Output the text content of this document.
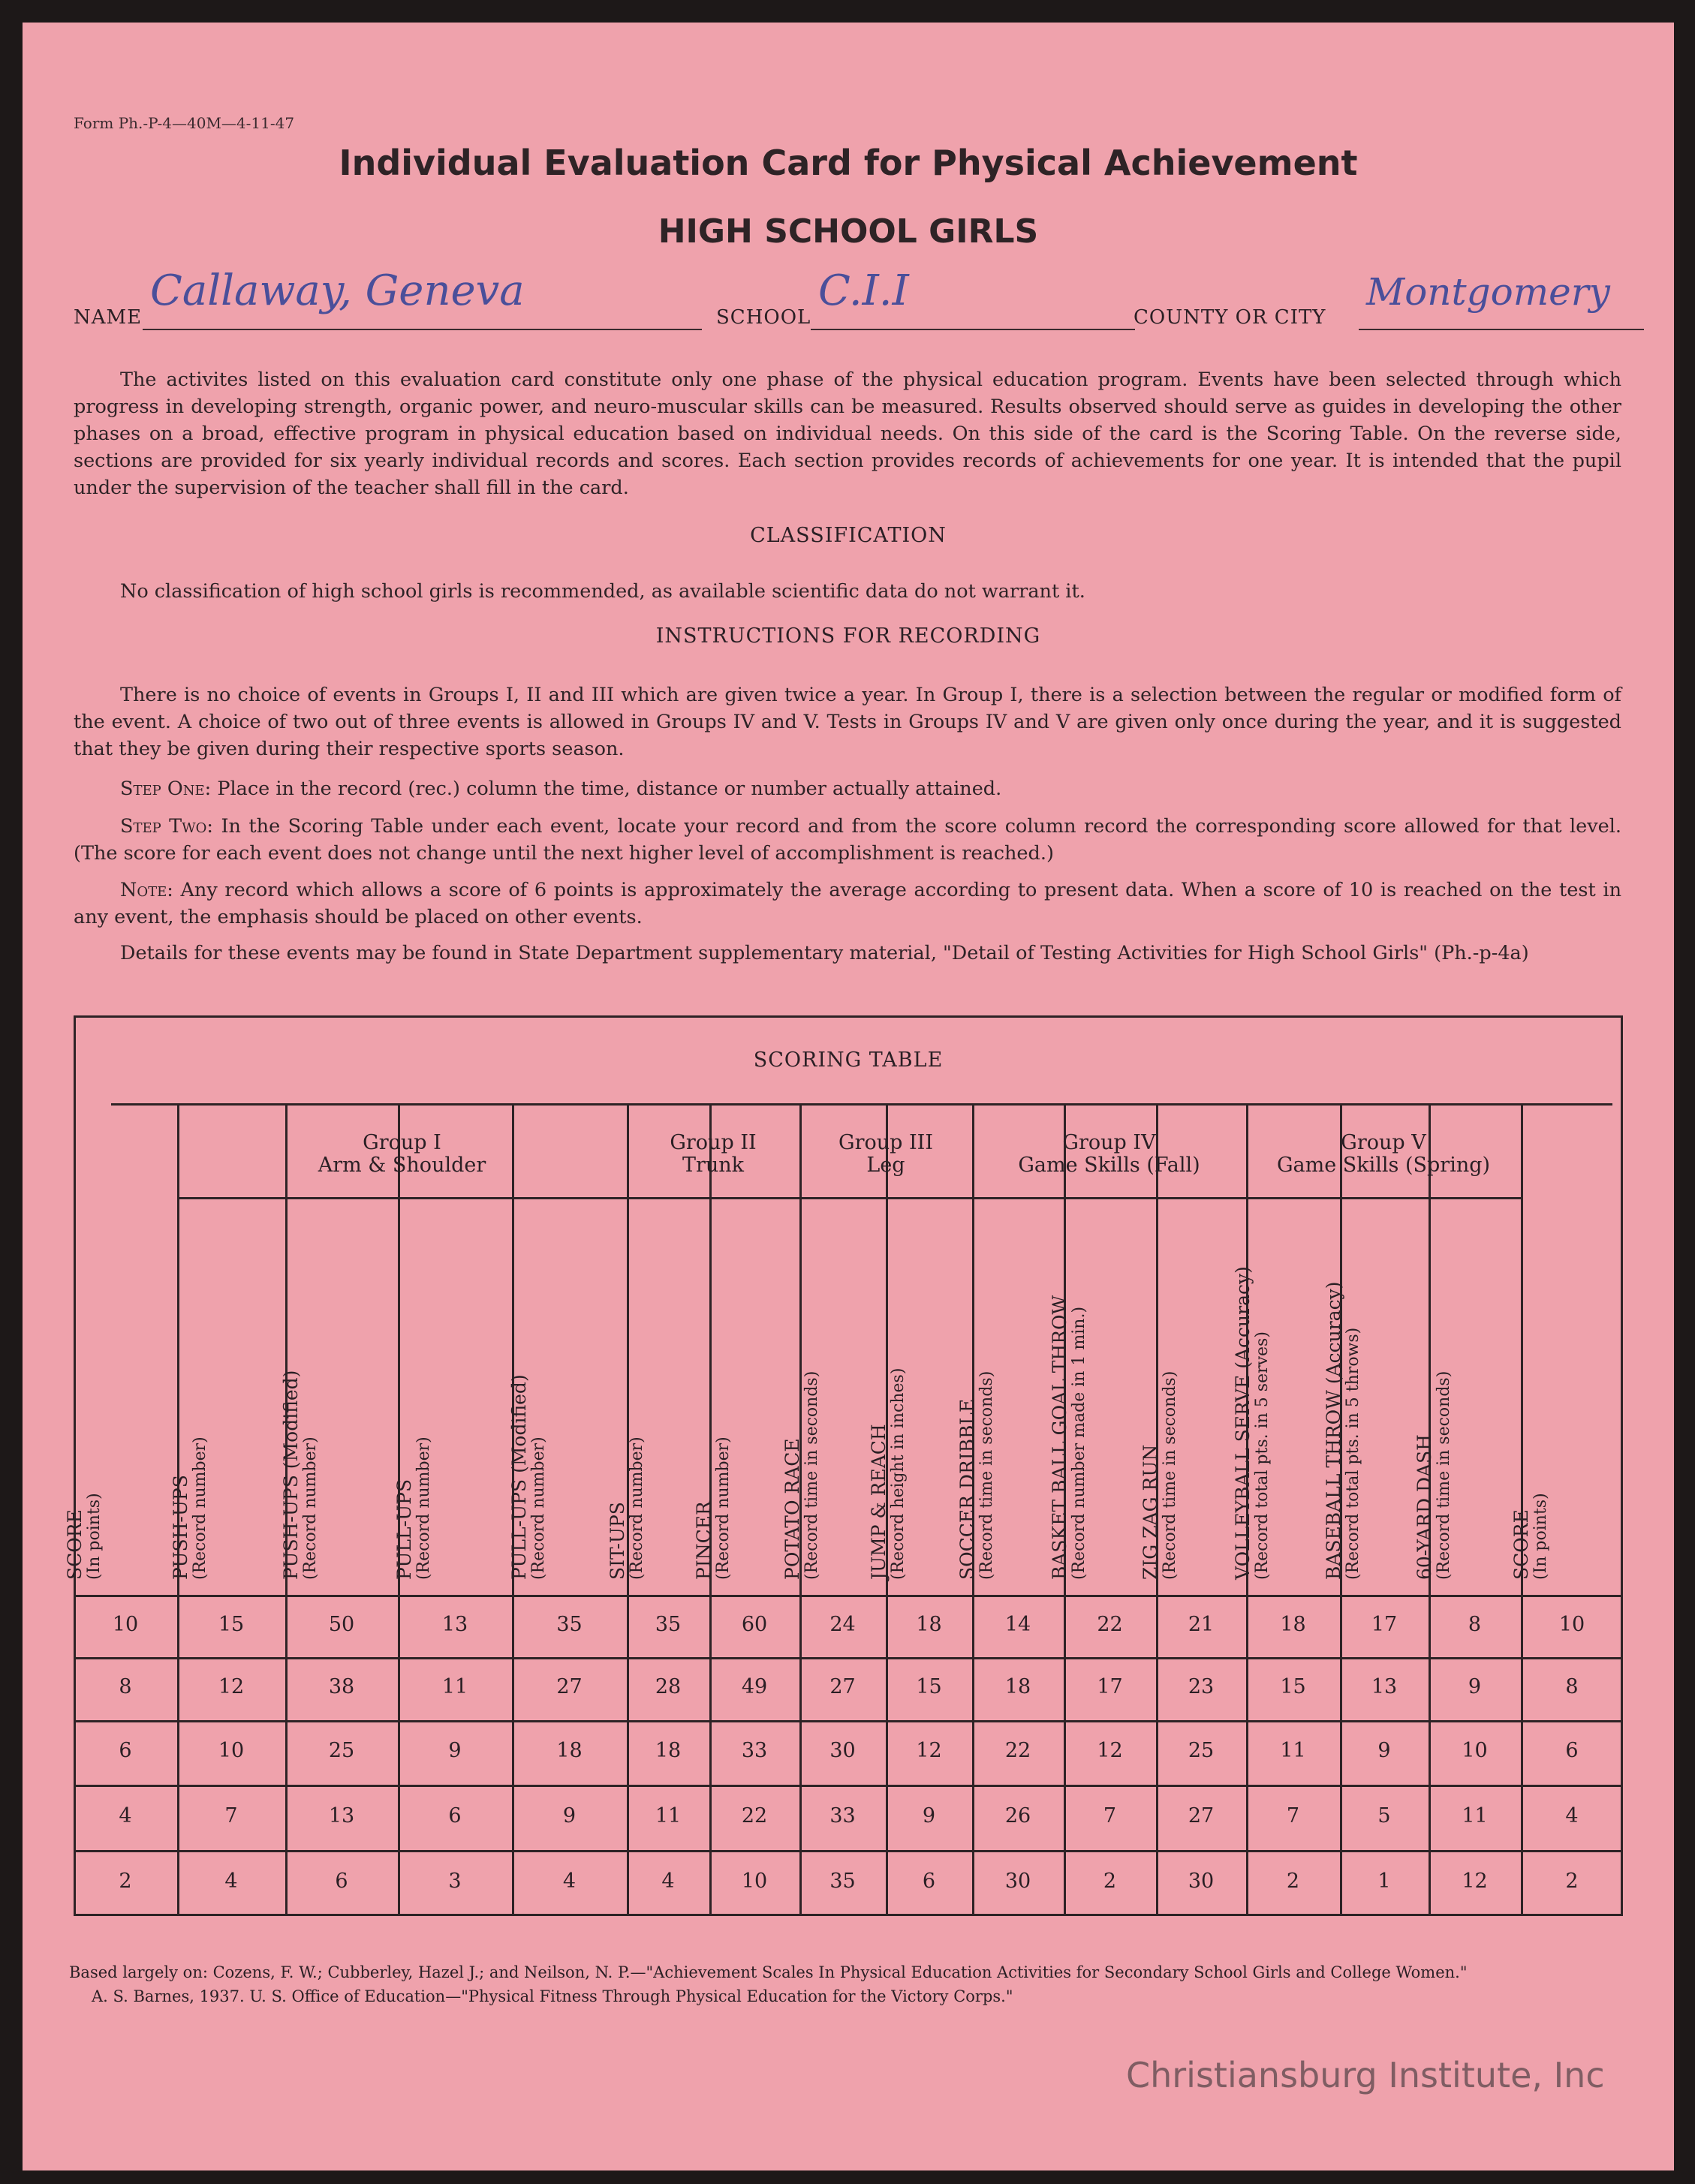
Form Ph.-P-4—40M—4-11-47
Individual Evaluation Card for Physical Achievement
HIGH SCHOOL GIRLS
NAME
Callaway, Geneva
SCHOOL
C.I.I
COUNTY OR CITY
Montgomery

The activites listed on this evaluation card constitute only one phase of the physical education program. Events have been selected through which progress in developing strength, organic power, and neuro-muscular skills can be measured. Results observed should serve as guides in developing the other phases on a broad, effective program in physical education based on individual needs. On this side of the card is the Scoring Table. On the reverse side, sections are provided for six yearly individual records and scores. Each section provides records of achievements for one year. It is intended that the pupil under the supervision of the teacher shall fill in the card.

CLASSIFICATION

No classification of high school girls is recommended, as available scientific data do not warrant it.

INSTRUCTIONS FOR RECORDING

There is no choice of events in Groups I, II and III which are given twice a year. In Group I, there is a selection between the regular or modified form of the event. A choice of two out of three events is allowed in Groups IV and V. Tests in Groups IV and V are given only once during the year, and it is suggested that they be given during their respective sports season.

Step One: Place in the record (rec.) column the time, distance or number actually attained.

Step Two: In the Scoring Table under each event, locate your record and from the score column record the corresponding score allowed for that level. (The score for each event does not change until the next higher level of accomplishment is reached.)

Note: Any record which allows a score of 6 points is approximately the average according to present data. When a score of 10 is reached on the test in any event, the emphasis should be placed on other events.

Details for these events may be found in State Department supplementary material, "Detail of Testing Activities for High School Girls" (Ph.-p-4a)

SCORING TABLE
Group I
Arm & Shoulder
Group II
Trunk
Group III
Leg
Group IV
Game Skills (Fall)
Group V
Game Skills (Spring)
SCORE (In points)	PUSH-UPS (Record number)	PUSH-UPS (Modified) (Record number)	PULL-UPS (Record number)	PULL-UPS (Modified) (Record number)	SIT-UPS (Record number) PINCER (Record number)	POTATO RACE (Record time in seconds) JUMP & REACH (Record height in inches)	SOCCER DRIBBLE (Record time in seconds)	BASKET BALL GOAL THROW (Record number made in 1 min.)	ZIG ZAG RUN (Record time in seconds)	VOLLEYBALL SERVE (Accuracy) (Record total pts. in 5 serves)	BASEBALL THROW (Accuracy) (Record total pts. in 5 throws)	60-YARD DASH (Record time in seconds)	SCORE (In points)
10	15	50	13	35	35	60	24	18	14	22	21	18	17	8	10
8	12	38	11	27	28	49	27	15	18	17	23	15	13	9	8
6	10	25	9	18	18	33	30	12	22	12	25	11	9	10	6
4	7	13	6	9	11	22	33	9	26	7	27	7	5	11	4
2	4	6	3	4	4	10	35	6	30	2	30	2	1	12	2
Based largely on: Cozens, F. W.; Cubberley, Hazel J.; and Neilson, N. P.—"Achievement Scales In Physical Education Activities for Secondary School Girls and College Women."
A. S. Barnes, 1937. U. S. Office of Education—"Physical Fitness Through Physical Education for the Victory Corps."
Christiansburg Institute, Inc
